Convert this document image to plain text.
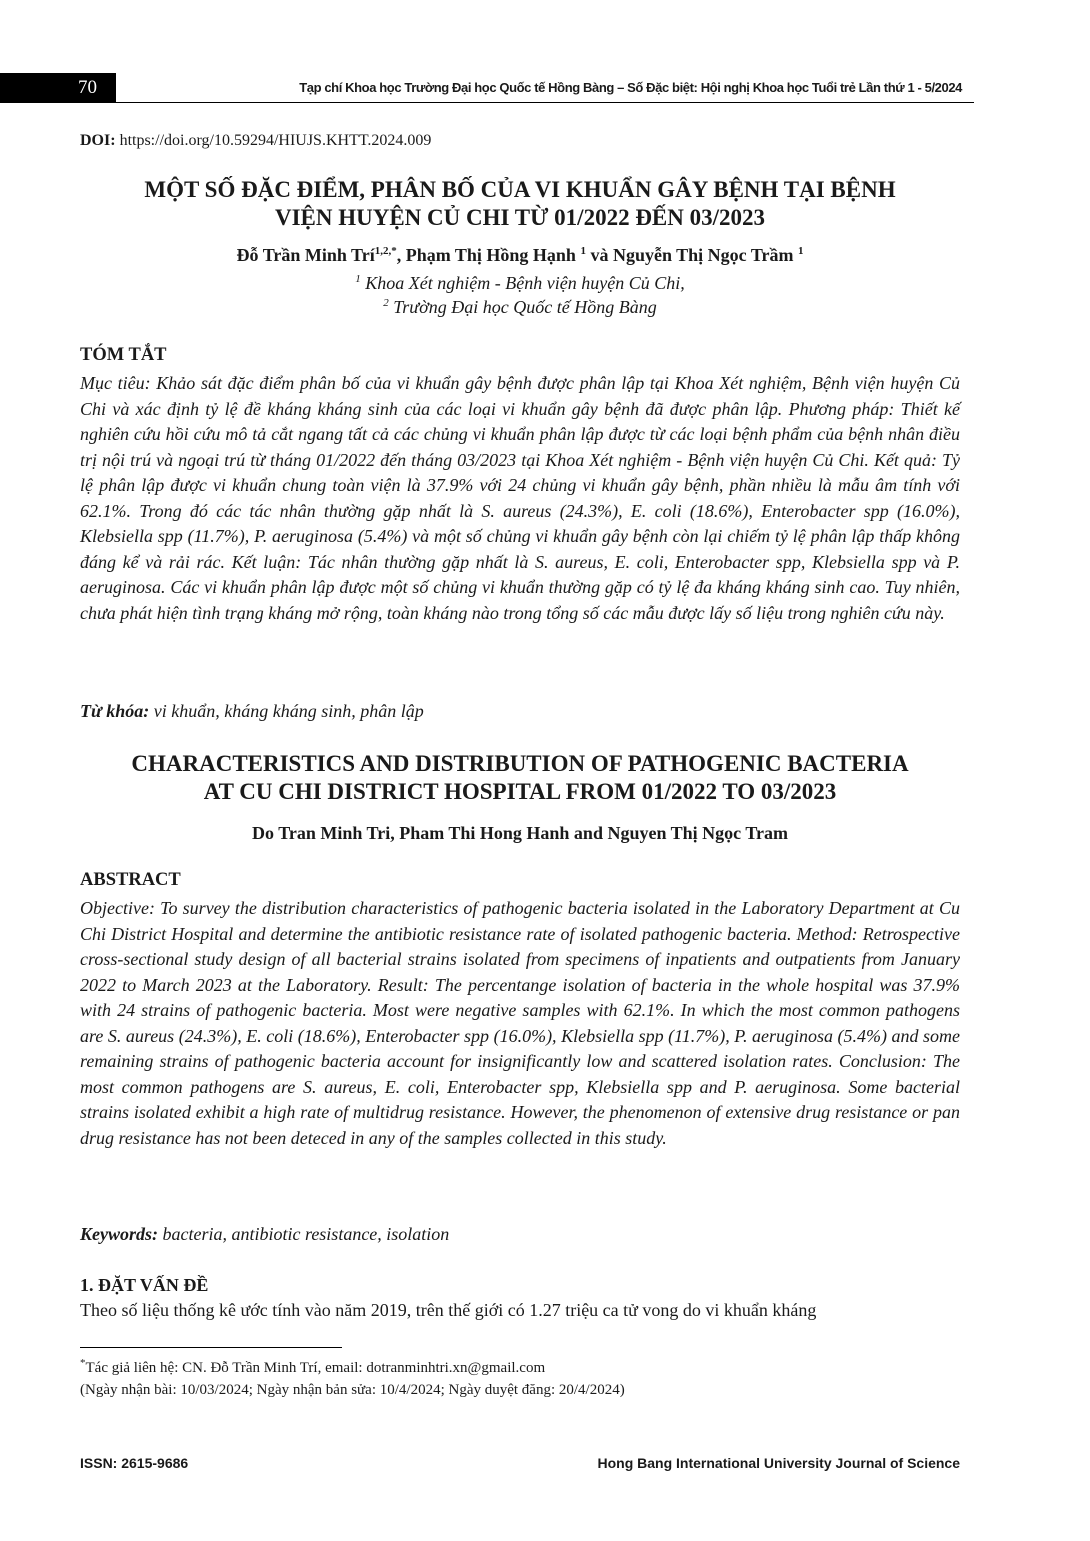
70	Tạp chí Khoa học Trường Đại học Quốc tế Hồng Bàng – Số Đặc biệt: Hội nghị Khoa học Tuổi trẻ Lần thứ 1 - 5/2024
DOI: https://doi.org/10.59294/HIUJS.KHTT.2024.009
MỘT SỐ ĐẶC ĐIỂM, PHÂN BỐ CỦA VI KHUẨN GÂY BỆNH TẠI BỆNH
VIỆN HUYỆN CỦ CHI TỪ 01/2022 ĐẾN 03/2023
Đỗ Trần Minh Trí$^{1,2,*}$, Phạm Thị Hồng Hạnh $^1$ và Nguyễn Thị Ngọc Trầm $^1$
$^1$ Khoa Xét nghiệm - Bệnh viện huyện Củ Chi,
$^2$ Trường Đại học Quốc tế Hồng Bàng
TÓM TẮT

Mục tiêu: Khảo sát đặc điểm phân bố của vi khuẩn gây bệnh được phân lập tại Khoa Xét nghiệm, Bệnh viện huyện Củ Chi và xác định tỷ lệ đề kháng kháng sinh của các loại vi khuẩn gây bệnh đã được phân lập. Phương pháp: Thiết kế nghiên cứu hồi cứu mô tả cắt ngang tất cả các chủng vi khuẩn phân lập được từ các loại bệnh phẩm của bệnh nhân điều trị nội trú và ngoại trú từ tháng 01/2022 đến tháng 03/2023 tại Khoa Xét nghiệm - Bệnh viện huyện Củ Chi. Kết quả: Tỷ lệ phân lập được vi khuẩn chung toàn viện là 37.9% với 24 chủng vi khuẩn gây bệnh, phần nhiều là mẫu âm tính với 62.1%. Trong đó các tác nhân thường gặp nhất là S. aureus (24.3%), E. coli (18.6%), Enterobacter spp (16.0%), Klebsiella spp (11.7%), P. aeruginosa (5.4%) và một số chủng vi khuẩn gây bệnh còn lại chiếm tỷ lệ phân lập thấp không đáng kể và rải rác. Kết luận: Tác nhân thường gặp nhất là S. aureus, E. coli, Enterobacter spp, Klebsiella spp và P. aeruginosa. Các vi khuẩn phân lập được một số chủng vi khuẩn thường gặp có tỷ lệ đa kháng kháng sinh cao. Tuy nhiên, chưa phát hiện tình trạng kháng mở rộng, toàn kháng nào trong tổng số các mẫu được lấy số liệu trong nghiên cứu này.

Từ khóa: vi khuẩn, kháng kháng sinh, phân lập
CHARACTERISTICS AND DISTRIBUTION OF PATHOGENIC BACTERIA
AT CU CHI DISTRICT HOSPITAL FROM 01/2022 TO 03/2023
Do Tran Minh Tri, Pham Thi Hong Hanh and Nguyen Thị Ngọc Tram
ABSTRACT

Objective: To survey the distribution characteristics of pathogenic bacteria isolated in the Laboratory Department at Cu Chi District Hospital and determine the antibiotic resistance rate of isolated pathogenic bacteria. Method: Retrospective cross-sectional study design of all bacterial strains isolated from specimens of inpatients and outpatients from January 2022 to March 2023 at the Laboratory. Result: The percentange isolation of bacteria in the whole hospital was 37.9% with 24 strains of pathogenic bacteria. Most were negative samples with 62.1%. In which the most common pathogens are S. aureus (24.3%), E. coli (18.6%), Enterobacter spp (16.0%), Klebsiella spp (11.7%), P. aeruginosa (5.4%) and some remaining strains of pathogenic bacteria account for insignificantly low and scattered isolation rates. Conclusion: The most common pathogens are S. aureus, E. coli, Enterobacter spp, Klebsiella spp and P. aeruginosa. Some bacterial strains isolated exhibit a high rate of multidrug resistance. However, the phenomenon of extensive drug resistance or pan drug resistance has not been deteced in any of the samples collected in this study.

Keywords: bacteria, antibiotic resistance, isolation
1. ĐẶT VẤN ĐỀ
Theo số liệu thống kê ước tính vào năm 2019, trên thế giới có 1.27 triệu ca tử vong do vi khuẩn kháng
*Tác giả liên hệ: CN. Đỗ Trần Minh Trí, email: dotranminhtri.xn@gmail.com
(Ngày nhận bài: 10/03/2024; Ngày nhận bản sửa: 10/4/2024; Ngày duyệt đăng: 20/4/2024)
ISSN: 2615-9686	Hong Bang International University Journal of Science
